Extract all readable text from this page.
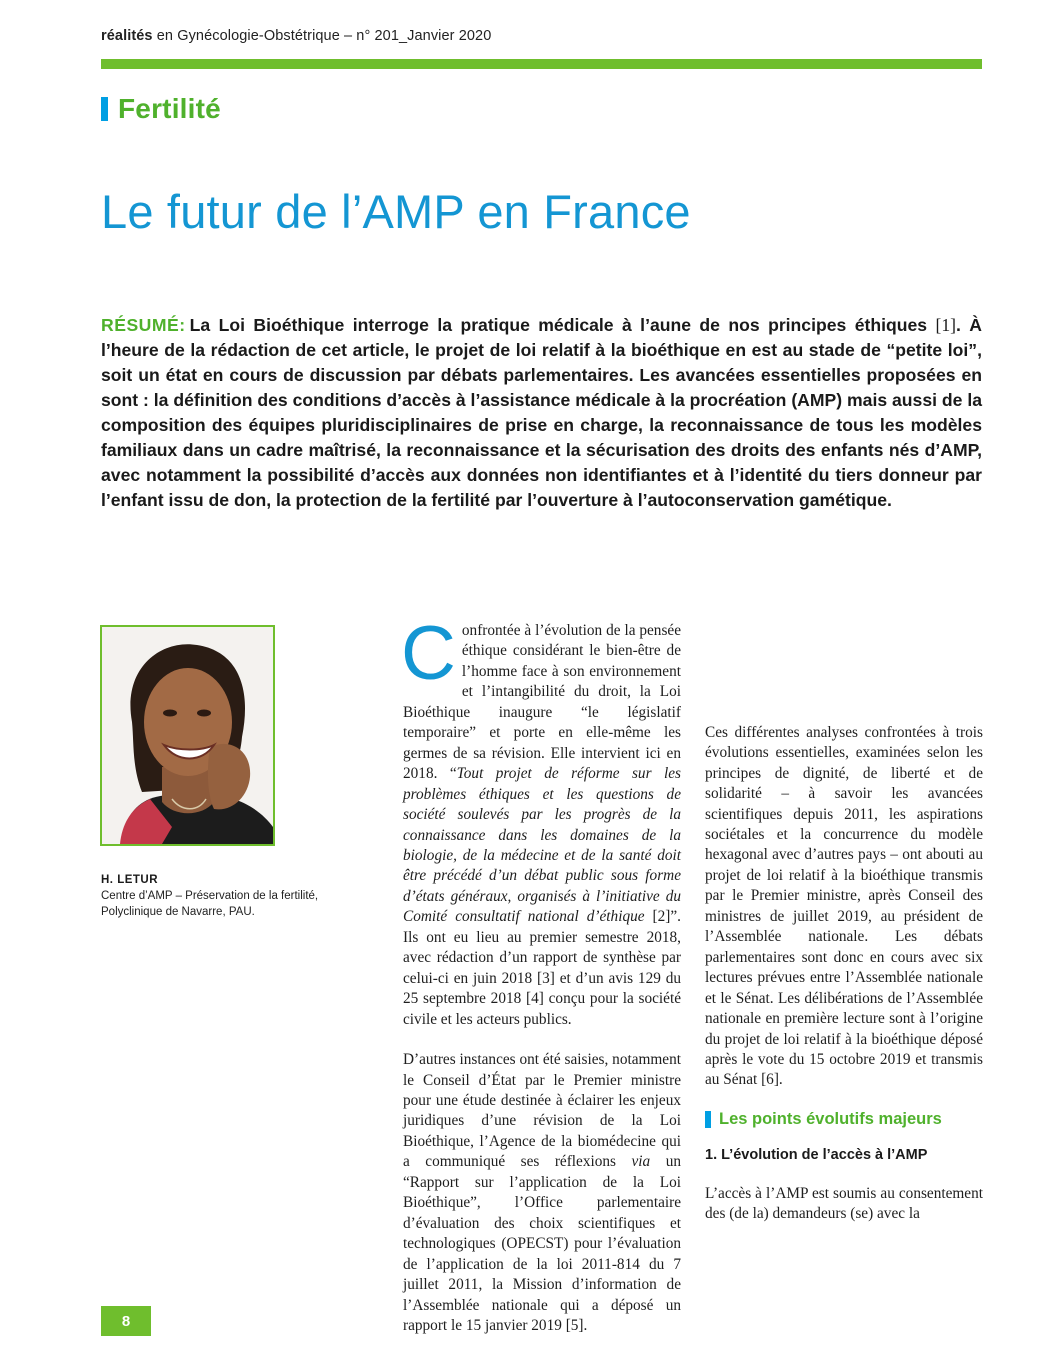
réalités en Gynécologie-Obstétrique – n° 201_Janvier 2020
Fertilité
Le futur de l’AMP en France
RÉSUMÉ: La Loi Bioéthique interroge la pratique médicale à l’aune de nos principes éthiques [1]. À l’heure de la rédaction de cet article, le projet de loi relatif à la bioéthique en est au stade de “petite loi”, soit un état en cours de discussion par débats parlementaires. Les avancées essentielles proposées en sont : la définition des conditions d’accès à l’assistance médicale à la procréation (AMP) mais aussi de la composition des équipes pluridisciplinaires de prise en charge, la reconnaissance de tous les modèles familiaux dans un cadre maîtrisé, la reconnaissance et la sécurisation des droits des enfants nés d’AMP, avec notamment la possibilité d’accès aux données non identifiantes et à l’identité du tiers donneur par l’enfant issu de don, la protection de la fertilité par l’ouverture à l’autoconservation gamétique.
H. LETUR
Centre d’AMP – Préservation de la fertilité,
Polyclinique de Navarre, PAU.

Confrontée à l’évolution de la pensée éthique considérant le bien-être de l’homme face à son environnement et l’intangibilité du droit, la Loi Bioéthique inaugure “le législatif temporaire” et porte en elle-même les germes de sa révision. Elle intervient ici en 2018. “Tout projet de réforme sur les problèmes éthiques et les questions de société soulevés par les progrès de la connaissance dans les domaines de la biologie, de la médecine et de la santé doit être précédé d’un débat public sous forme d’états généraux, organisés à l’initiative du Comité consultatif national d’éthique [2]”. Ils ont eu lieu au premier semestre 2018, avec rédaction d’un rapport de synthèse par celui-ci en juin 2018 [3] et d’un avis 129 du 25 septembre 2018 [4] conçu pour la société civile et les acteurs publics.

D’autres instances ont été saisies, notamment le Conseil d’État par le Premier ministre pour une étude destinée à éclairer les enjeux juridiques d’une révision de la Loi Bioéthique, l’Agence de la biomédecine qui a communiqué ses réflexions via un “Rapport sur l’application de la Loi Bioéthique”, l’Office parlementaire d’évaluation des choix scientifiques et technologiques (OPECST) pour l’évaluation de l’application de la loi 2011-814 du 7 juillet 2011, la Mission d’information de l’Assemblée nationale qui a déposé un rapport le 15 janvier 2019 [5].

Ces différentes analyses confrontées à trois évolutions essentielles, examinées selon les principes de dignité, de liberté et de solidarité – à savoir les avancées scientifiques depuis 2011, les aspirations sociétales et la concurrence du modèle hexagonal avec d’autres pays – ont abouti au projet de loi relatif à la bioéthique transmis par le Premier ministre, après Conseil des ministres de juillet 2019, au président de l’Assemblée nationale. Les débats parlementaires sont donc en cours avec six lectures prévues entre l’Assemblée nationale et le Sénat. Les délibérations de l’Assemblée nationale en première lecture sont à l’origine du projet de loi relatif à la bioéthique déposé après le vote du 15 octobre 2019 et transmis au Sénat [6].

Les points évolutifs majeurs
1. L’évolution de l’accès à l’AMP

L’accès à l’AMP est soumis au consentement des (de la) demandeurs (se) avec la

8
